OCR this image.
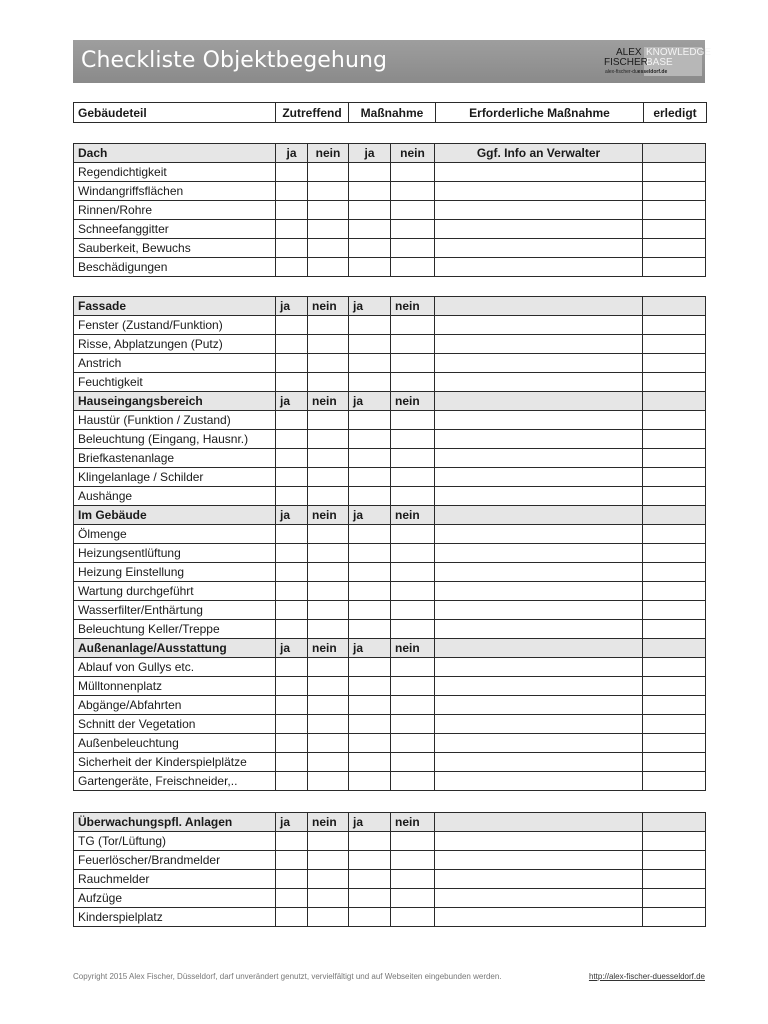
Checkliste Objektbegehung	ALEX KNOWLEDGE
FISCHER
BASE
alex-fischer-duesseldorf.de
Gebäudeteil	Zutreffend	Maßnahme	Erforderliche Maßnahme	erledigt
Dach	ja	nein	ja	nein	Ggf. Info an Verwalter	
Regendichtigkeit						
Windangriffsflächen						
Rinnen/Rohre						
Schneefanggitter						
Sauberkeit, Bewuchs						
Beschädigungen						
Fassade	ja	nein	ja	nein		
Fenster (Zustand/Funktion)						
Risse, Abplatzungen (Putz)						
Anstrich						
Feuchtigkeit						
Hauseingangsbereich	ja	nein	ja	nein		
Haustür (Funktion / Zustand)						
Beleuchtung (Eingang, Hausnr.)						
Briefkastenanlage						
Klingelanlage / Schilder						
Aushänge						
Im Gebäude	ja	nein	ja	nein		
Ölmenge						
Heizungsentlüftung						
Heizung Einstellung						
Wartung durchgeführt						
Wasserfilter/Enthärtung						
Beleuchtung Keller/Treppe						
Außenanlage/Ausstattung	ja	nein	ja	nein		
Ablauf von Gullys etc.						
Mülltonnenplatz						
Abgänge/Abfahrten						
Schnitt der Vegetation						
Außenbeleuchtung						
Sicherheit der Kinderspielplätze						
Gartengeräte, Freischneider,..						
Überwachungspfl. Anlagen	ja	nein	ja	nein		
TG (Tor/Lüftung)						
Feuerlöscher/Brandmelder						
Rauchmelder						
Aufzüge						
Kinderspielplatz						
Copyright 2015 Alex Fischer, Düsseldorf, darf unverändert genutzt, vervielfältigt und auf Webseiten eingebunden werden.	http://alex-fischer-duesseldorf.de
